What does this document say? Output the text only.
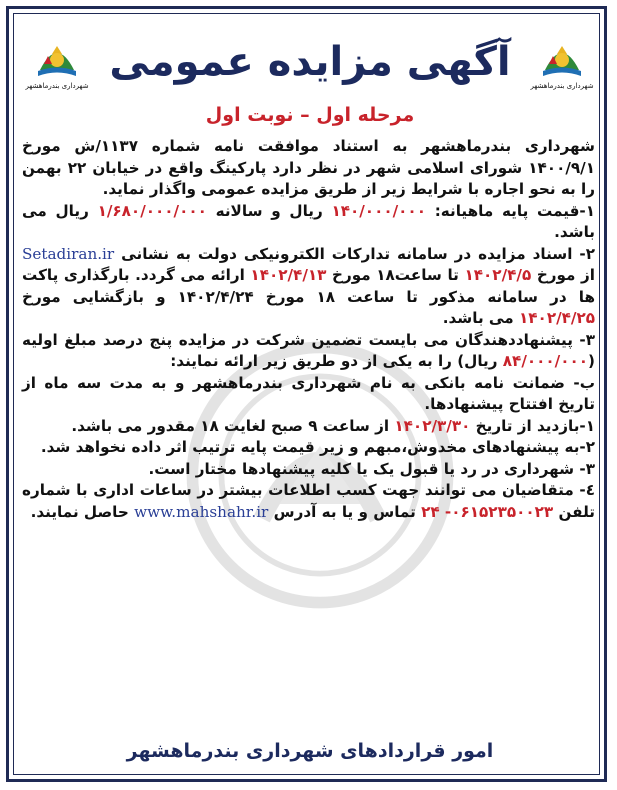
شهرداری بندرماهشهر	شهرداری بندرماهشهر
آگهی مزایده عمومی
مرحله اول – نوبت اول

شهرداری بندرماهشهر به استناد موافقت نامه شماره ۱۱۳۷/ش مورخ ۱۴۰۰/۹/۱ شورای اسلامی شهر در نظر دارد پارکینگ واقع در خیابان ۲۲ بهمن را به نحو اجاره با شرایط زیر از طریق مزایده عمومی واگذار نماید.

۱-قیمت پایه ماهیانه: ۱۴۰/۰۰۰/۰۰۰ ریال و سالانه ۱/۶۸۰/۰۰۰/۰۰۰ ریال می باشد.

۲- اسناد مزایده در سامانه تدارکات الکترونیکی دولت به نشانی Setadiran.ir از مورخ ۱۴۰۲/۴/۵ تا ساعت۱۸ مورخ ۱۴۰۲/۴/۱۳ ارائه می گردد. بارگذاری پاکت ها در سامانه مذکور تا ساعت ۱۸ مورخ ۱۴۰۲/۴/۲۴ و بازگشایی مورخ ۱۴۰۲/۴/۲۵ می باشد.

۳- پیشنهاددهندگان می بایست تضمین شرکت در مزایده پنج درصد مبلغ اولیه (۸۴/۰۰۰/۰۰۰ ریال) را به یکی از دو طریق زیر ارائه نمایند:

ب- ضمانت نامه بانکی به نام شهرداری بندرماهشهر و به مدت سه ماه از تاریخ افتتاح پیشنهادها.

۱-بازدید از تاریخ ۱۴۰۲/۳/۳۰ از ساعت ۹ صبح لغایت ۱۸ مقدور می باشد.

۲-به پیشنهادهای مخدوش،مبهم و زیر قیمت پایه ترتیب اثر داده نخواهد شد.

۳- شهرداری در رد یا قبول یک یا کلیه پیشنهادها مختار است.

٤- متقاضیان می توانند جهت کسب اطلاعات بیشتر در ساعات اداری با شماره تلفن ۰۶۱۵۲۳۵۰۰۲۳- ۲۴ تماس و یا به آدرس www.mahshahr.ir حاصل نمایند.

امور قراردادهای شهرداری بندرماهشهر
